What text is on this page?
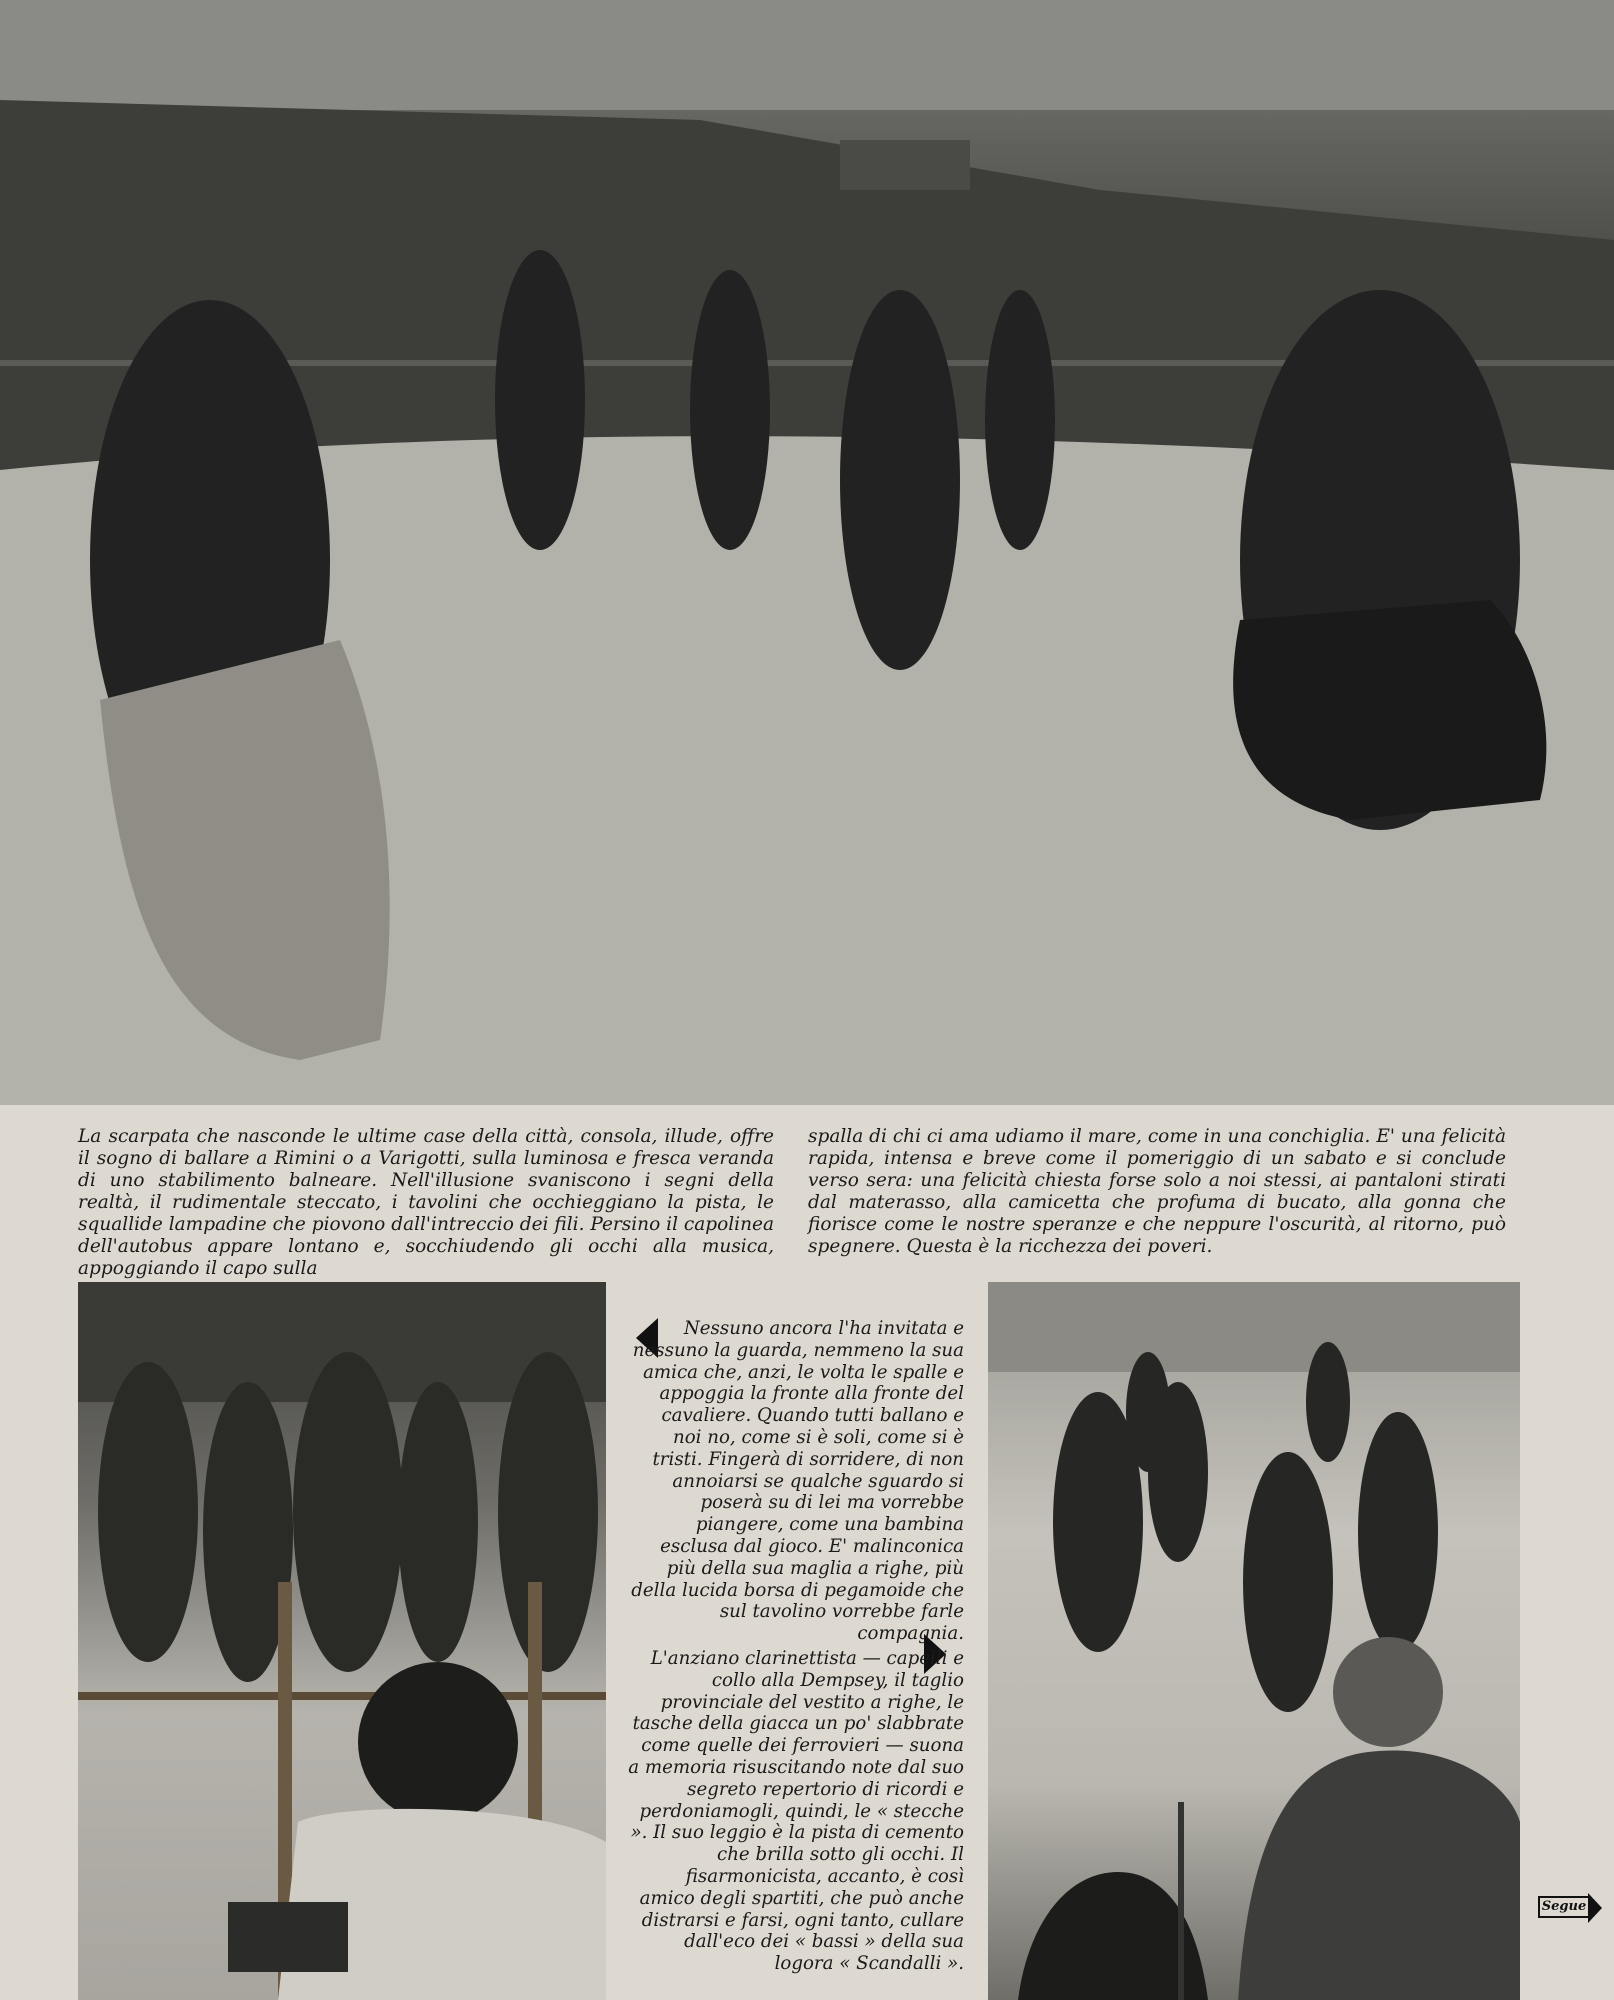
La scarpata che nasconde le ultime case della città, consola, illude, offre il sogno di ballare a Rimini o a Varigotti, sulla luminosa e fresca veranda di uno stabilimento balneare. Nell'illusione svaniscono i segni della realtà, il rudimentale steccato, i tavolini che occhieggiano la pista, le squallide lampadine che piovono dall'intreccio dei fili. Persino il capolinea dell'autobus appare lontano e, socchiudendo gli occhi alla musica, appoggiando il capo sulla

spalla di chi ci ama udiamo il mare, come in una conchiglia. E' una felicità rapida, intensa e breve come il pomeriggio di un sabato e si conclude verso sera: una felicità chiesta forse solo a noi stessi, ai pantaloni stirati dal materasso, alla camicetta che profuma di bucato, alla gonna che fiorisce come le nostre speranze e che neppure l'oscurità, al ritorno, può spegnere. Questa è la ricchezza dei poveri.

Nessuno ancora l'ha invitata e nessuno la guarda, nemmeno la sua amica che, anzi, le volta le spalle e appoggia la fronte alla fronte del cavaliere. Quando tutti ballano e noi no, come si è soli, come si è tristi. Fingerà di sorridere, di non annoiarsi se qualche sguardo si poserà su di lei ma vorrebbe piangere, come una bambina esclusa dal gioco. E' malinconica più della sua maglia a righe, più della lucida borsa di pegamoide che sul tavolino vorrebbe farle compagnia.

L'anziano clarinettista — capelli e collo alla Dempsey, il taglio provinciale del vestito a righe, le tasche della giacca un po' slabbrate come quelle dei ferrovieri — suona a memoria risuscitando note dal suo segreto repertorio di ricordi e perdoniamogli, quindi, le « stecche ». Il suo leggio è la pista di cemento che brilla sotto gli occhi. Il fisarmonicista, accanto, è così amico degli spartiti, che può anche distrarsi e farsi, ogni tanto, cullare dall'eco dei « bassi » della sua logora « Scandalli ».

Segue
